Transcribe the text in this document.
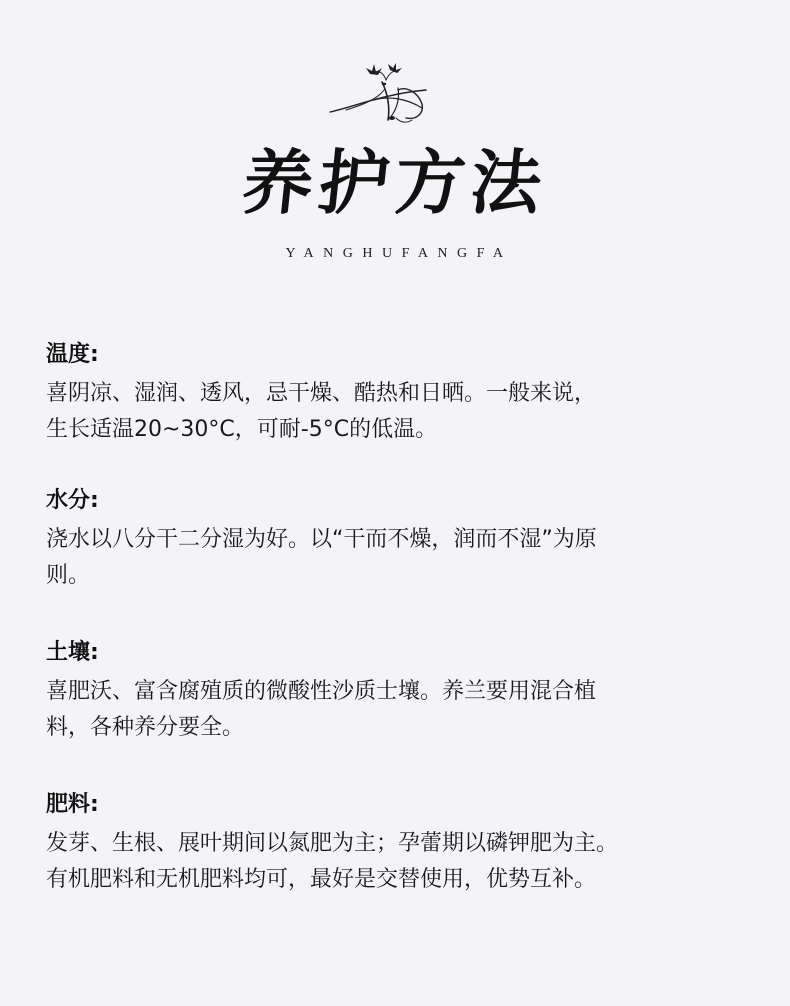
养护方法
YANGHUFANGFA
温度:
喜阴凉、湿润、透风，忌干燥、酷热和日晒。一般来说，
生长适温20~30°C，可耐-5°C的低温。
水分:
浇水以八分干二分湿为好。以“干而不燥，润而不湿”为原
则。
土壤:
喜肥沃、富含腐殖质的微酸性沙质士壤。养兰要用混合植
料，各种养分要全。
肥料:
发芽、生根、展叶期间以氮肥为主；孕蕾期以磷钾肥为主。
有机肥料和无机肥料均可，最好是交替使用，优势互补。
